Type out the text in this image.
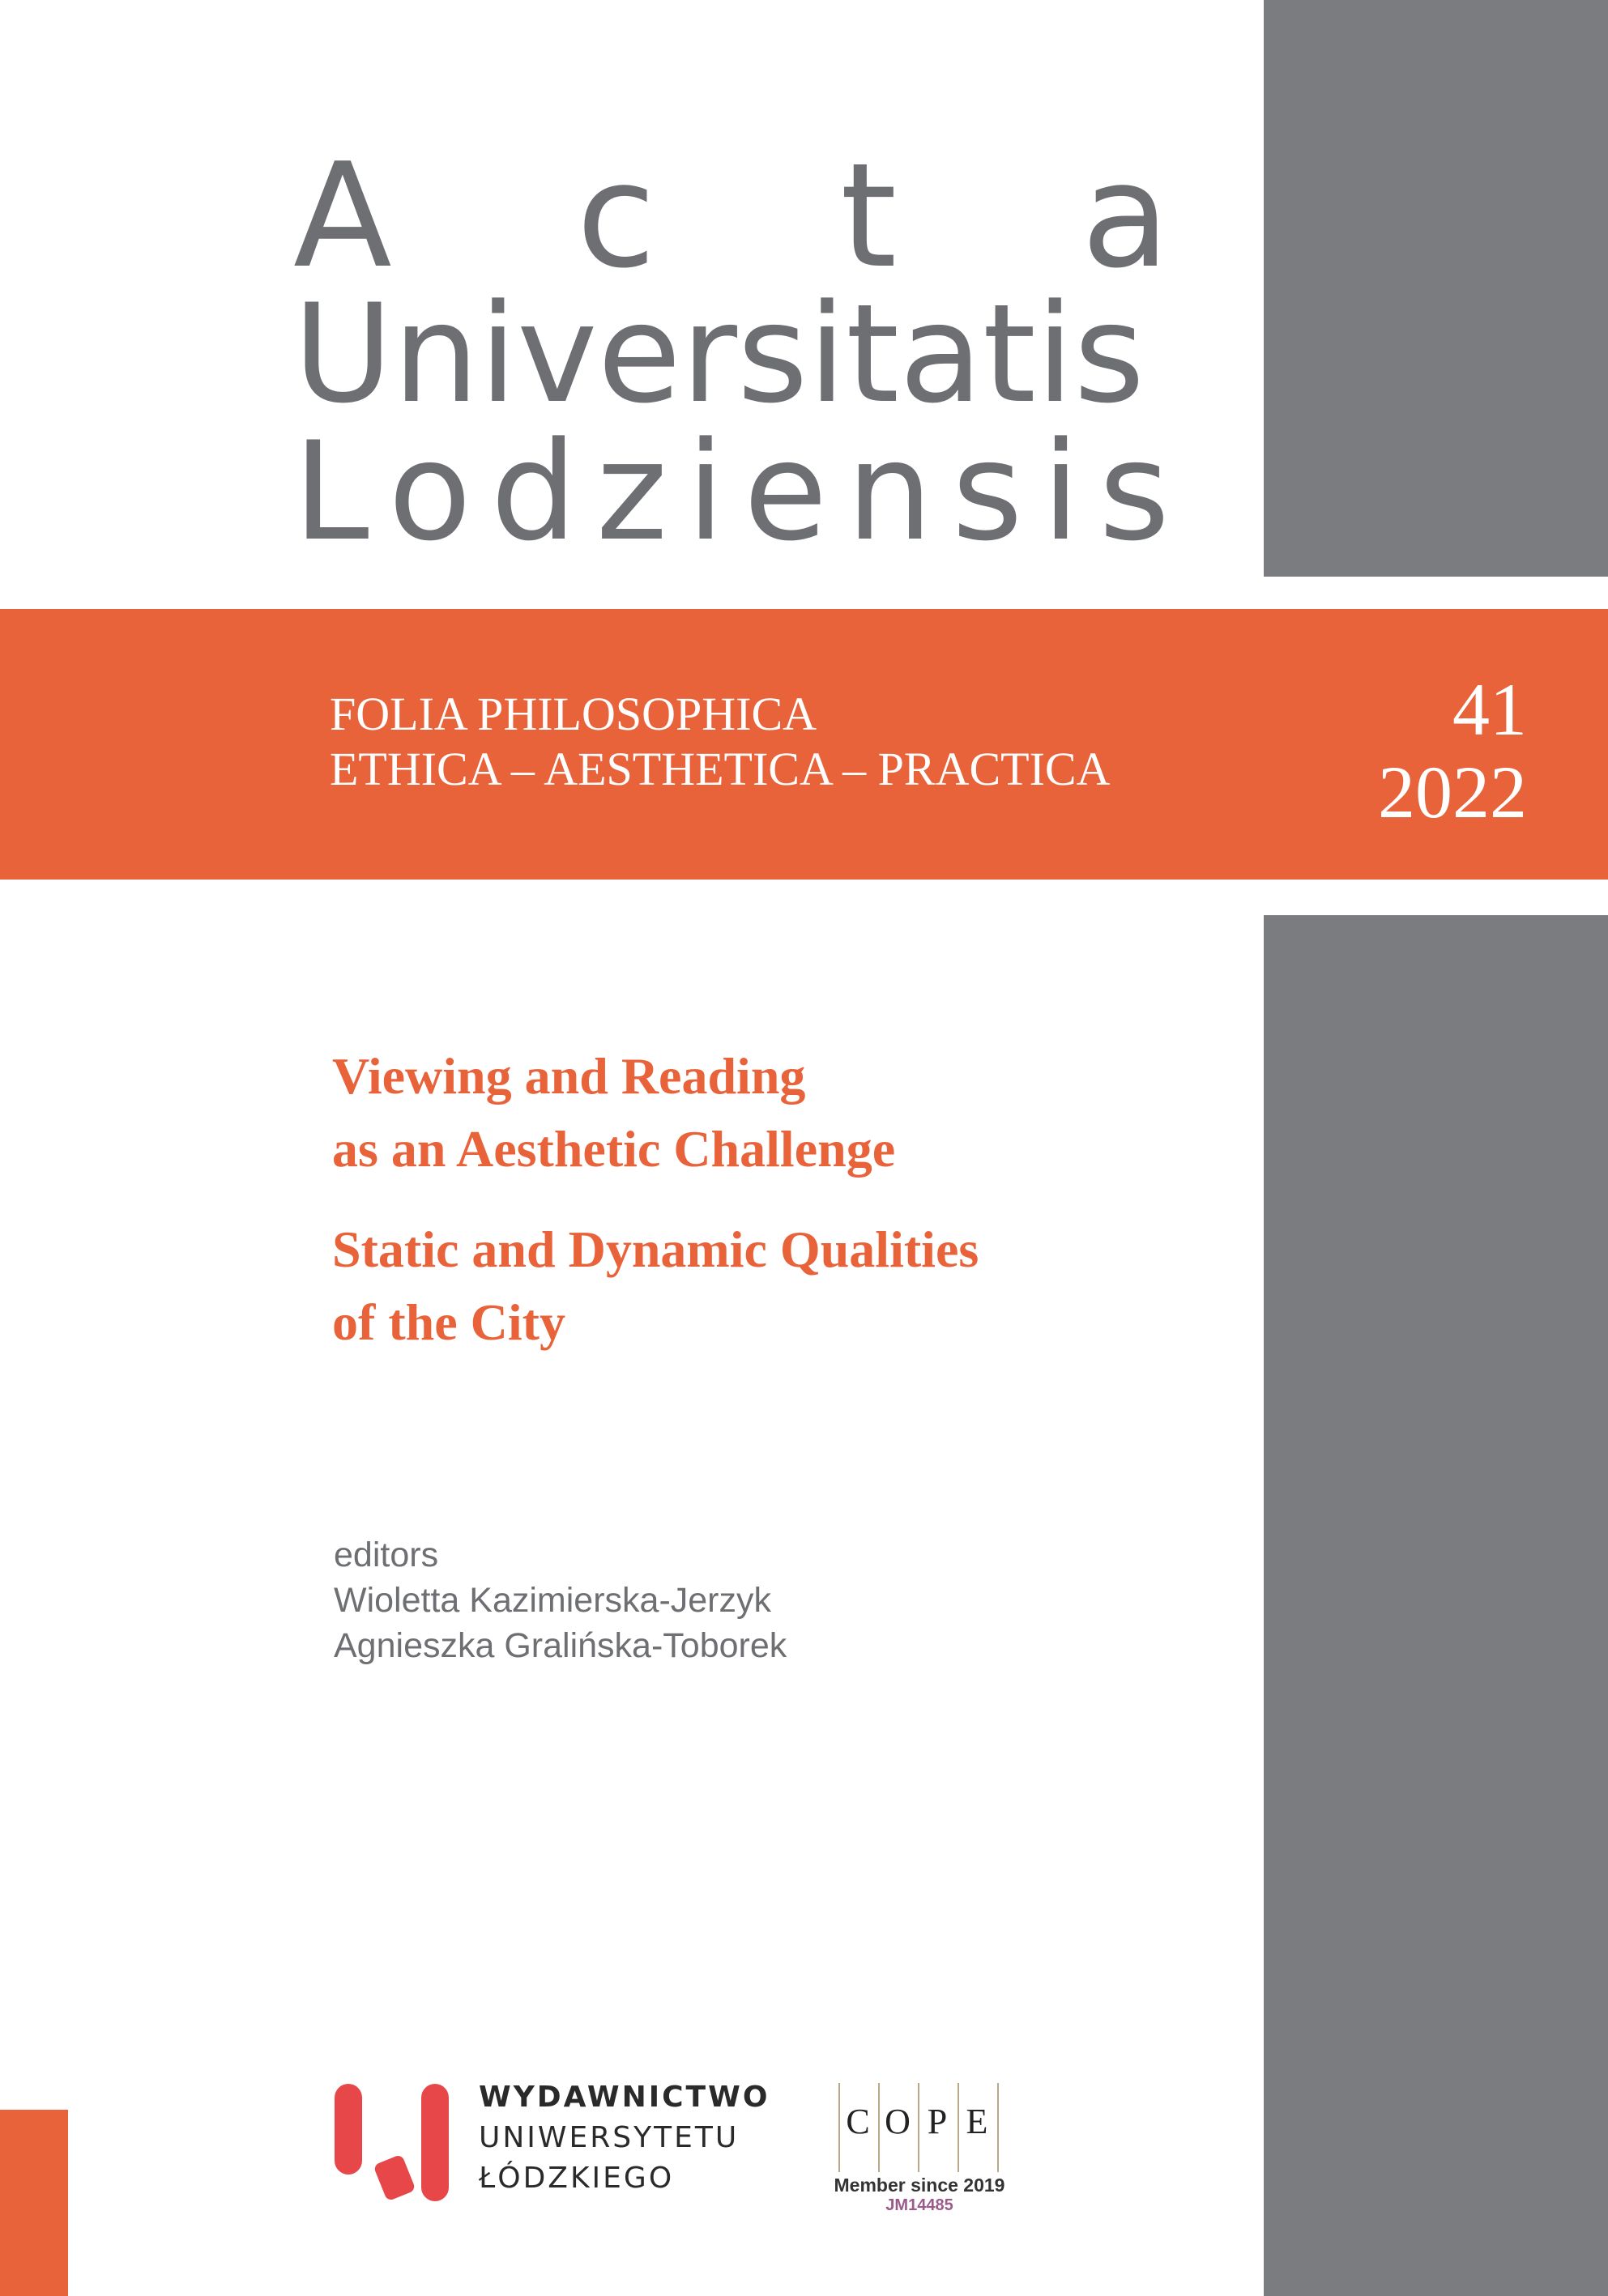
A c t a
Universitatis
L o d z i e n s i s
FOLIA PHILOSOPHICA
ETHICA – AESTHETICA – PRACTICA
41
2022
Viewing and Reading
as an Aesthetic Challenge
Static and Dynamic Qualities
of the City
editors
Wioletta Kazimierska-Jerzyk
Agnieszka Gralińska-Toborek
WYDAWNICTWO
UNIWERSYTETU
ŁÓDZKIEGO
C O P E
Member since 2019
JM14485
